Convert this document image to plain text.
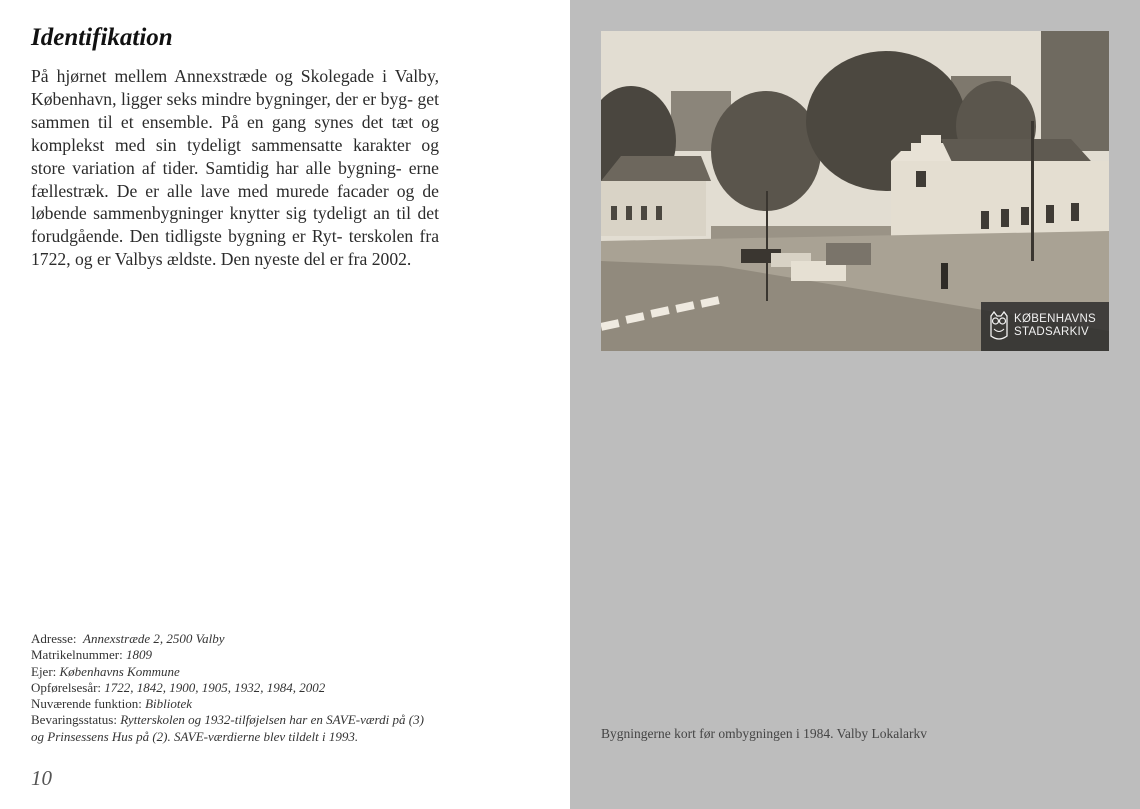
Identifikation

På hjørnet mellem Annexstræde og Skolegade i Valby, København, ligger seks mindre bygninger, der er byg- get sammen til et ensemble. På en gang synes det tæt og komplekst med sin tydeligt sammensatte karakter og store variation af tider. Samtidig har alle bygning- erne fællestræk. De er alle lave med murede facader og de løbende sammenbygninger knytter sig tydeligt an til det forudgående. Den tidligste bygning er Ryt- terskolen fra 1722, og er Valbys ældste. Den nyeste del er fra 2002.

Adresse: Annexstræde 2, 2500 Valby
Matrikelnummer: 1809
Ejer: Københavns Kommune
Opførelsesår: 1722, 1842, 1900, 1905, 1932, 1984, 2002
Nuværende funktion: Bibliotek
Bevaringsstatus: Rytterskolen og 1932-tilføjelsen har en SAVE-værdi på (3)
og Prinsessens Hus på (2). SAVE-værdierne blev tildelt i 1993.
10
KØBENHAVNS
STADSARKIV
Bygningerne kort før ombygningen i 1984. Valby Lokalarkv
